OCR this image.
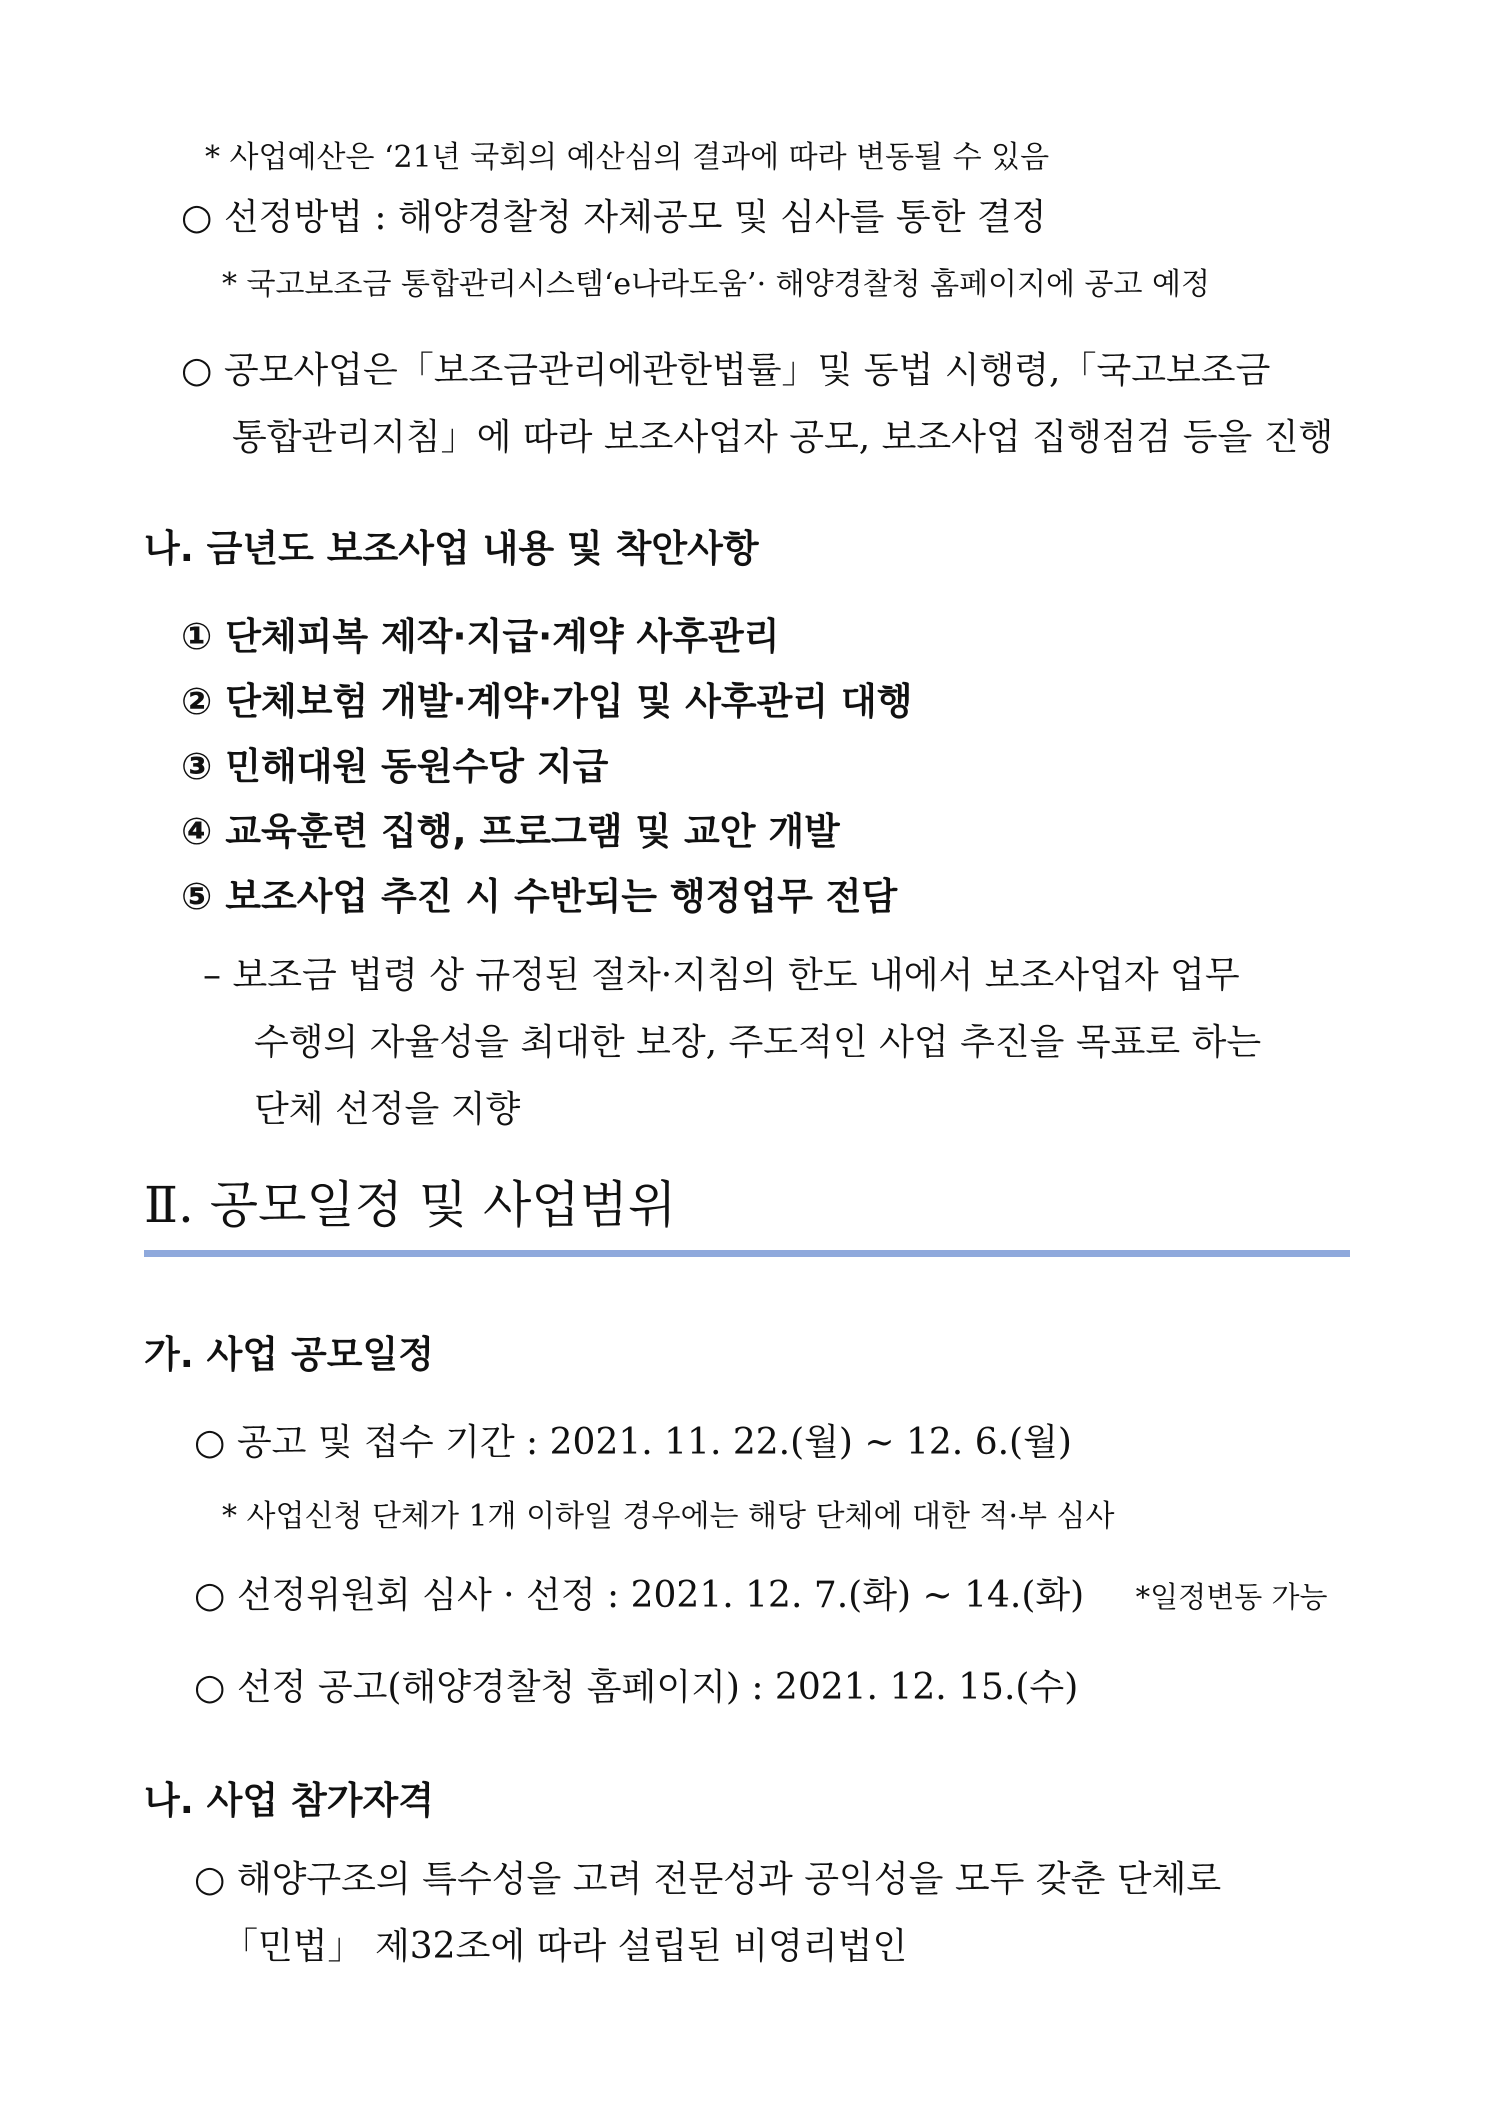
* 사업예산은 ‘21년 국회의 예산심의 결과에 따라 변동될 수 있음
○ 선정방법 : 해양경찰청 자체공모 및 심사를 통한 결정
* 국고보조금 통합관리시스템‘e나라도움’· 해양경찰청 홈페이지에 공고 예정
○ 공모사업은「보조금관리에관한법률」및 동법 시행령,「국고보조금
통합관리지침」에 따라 보조사업자 공모, 보조사업 집행점검 등을 진행
나. 금년도 보조사업 내용 및 착안사항
① 단체피복 제작·지급·계약 사후관리
② 단체보험 개발·계약·가입 및 사후관리 대행
③ 민해대원 동원수당 지급
④ 교육훈련 집행, 프로그램 및 교안 개발
⑤ 보조사업 추진 시 수반되는 행정업무 전담
– 보조금 법령 상 규정된 절차·지침의 한도 내에서 보조사업자 업무
수행의 자율성을 최대한 보장, 주도적인 사업 추진을 목표로 하는
단체 선정을 지향
Ⅱ. 공모일정 및 사업범위
가. 사업 공모일정
○ 공고 및 접수 기간 : 2021. 11. 22.(월) ~ 12. 6.(월)
* 사업신청 단체가 1개 이하일 경우에는 해당 단체에 대한 적·부 심사
○ 선정위원회 심사 · 선정 : 2021. 12. 7.(화) ~ 14.(화) *일정변동 가능
○ 선정 공고(해양경찰청 홈페이지) : 2021. 12. 15.(수)
나. 사업 참가자격
○ 해양구조의 특수성을 고려 전문성과 공익성을 모두 갖춘 단체로
「민법」 제32조에 따라 설립된 비영리법인
